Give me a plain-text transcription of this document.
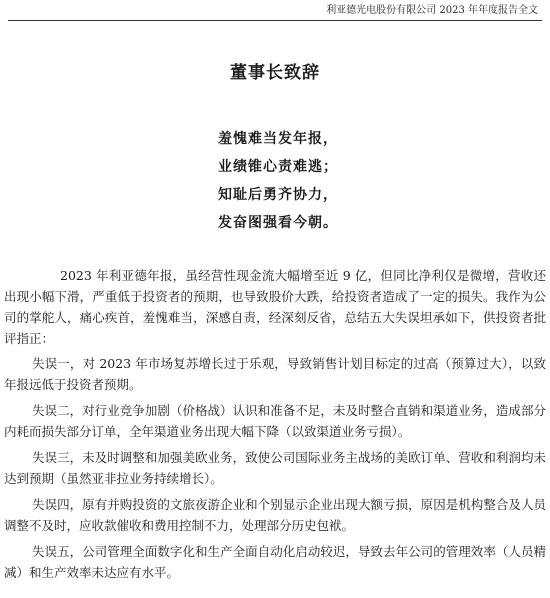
利亚德光电股份有限公司 2023 年年度报告全文
董事长致辞
羞愧难当发年报，
业绩锥心责难逃；
知耻后勇齐协力，
发奋图强看今朝。

2023 年利亚德年报，虽经营性现金流大幅增至近 9 亿，但同比净利仅是微增，营收还出现小幅下滑，严重低于投资者的预期，也导致股价大跌，给投资者造成了一定的损失。我作为公司的掌舵人，痛心疾首，羞愧难当，深感自责，经深刻反省，总结五大失误坦承如下，供投资者批评指正：

失误一，对 2023 年市场复苏增长过于乐观，导致销售计划目标定的过高（预算过大），以致年报远低于投资者预期。

失误二，对行业竞争加剧（价格战）认识和准备不足，未及时整合直销和渠道业务，造成部分内耗而损失部分订单，全年渠道业务出现大幅下降（以致渠道业务亏损）。

失误三，未及时调整和加强美欧业务，致使公司国际业务主战场的美欧订单、营收和利润均未达到预期（虽然亚非拉业务持续增长）。

失误四，原有并购投资的文旅夜游企业和个别显示企业出现大额亏损，原因是机构整合及人员调整不及时，应收款催收和费用控制不力，处理部分历史包袱。

失误五，公司管理全面数字化和生产全面自动化启动较迟，导致去年公司的管理效率（人员精减）和生产效率未达应有水平。
